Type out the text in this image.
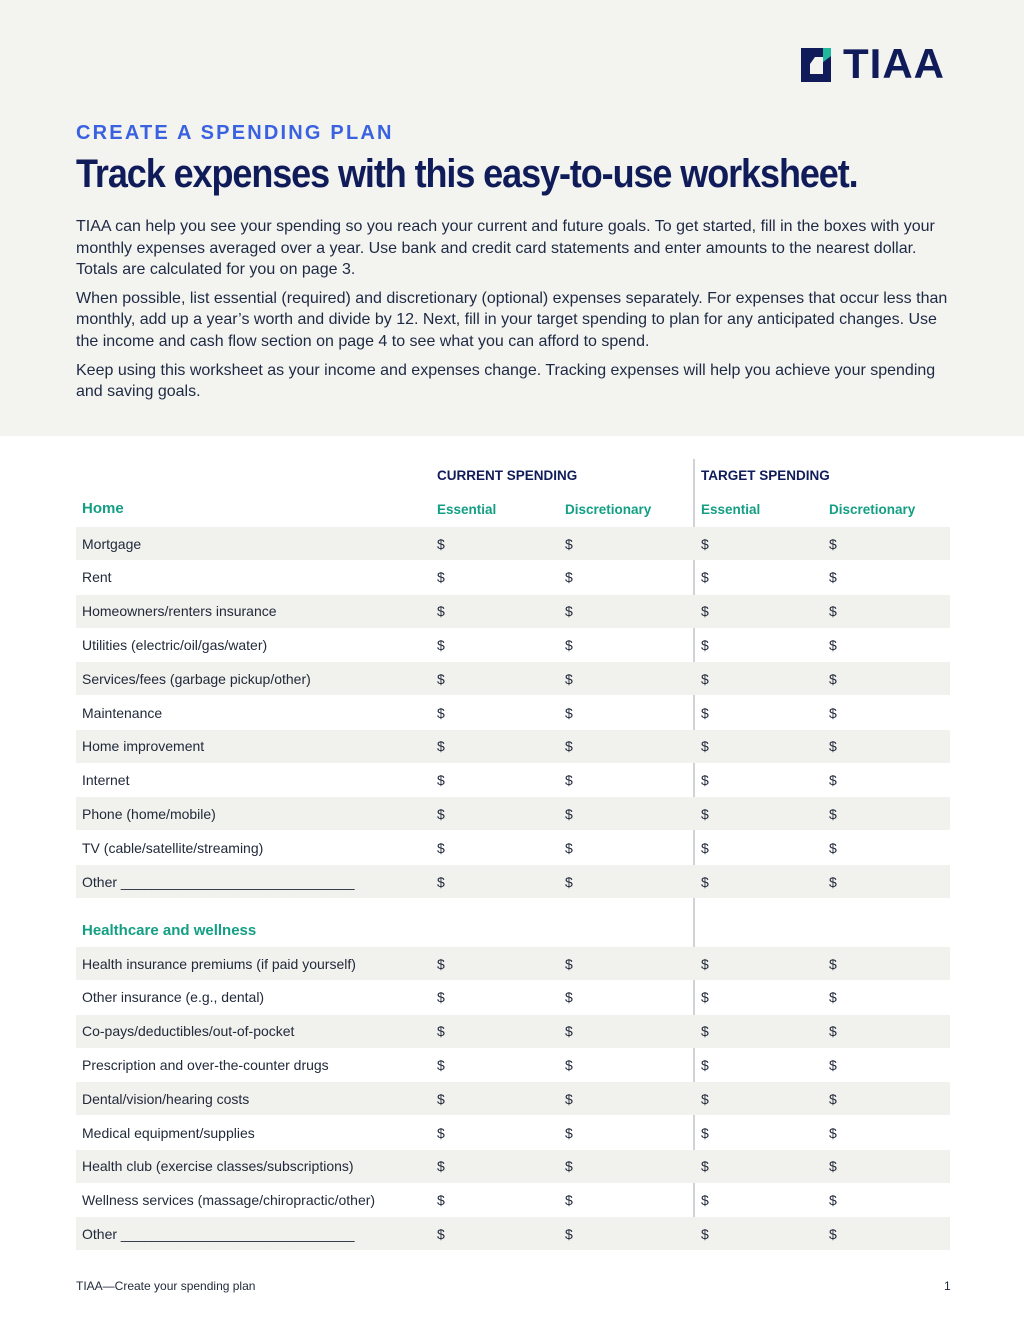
TIAA
CREATE A SPENDING PLAN
Track expenses with this easy-to-use worksheet.

TIAA can help you see your spending so you reach your current and future goals. To get started, fill in the boxes with your monthly expenses averaged over a year. Use bank and credit card statements and enter amounts to the nearest dollar. Totals are calculated for you on page 3.

When possible, list essential (required) and discretionary (optional) expenses separately. For expenses that occur less than monthly, add up a year’s worth and divide by 12. Next, fill in your target spending to plan for any anticipated changes. Use the income and cash flow section on page 4 to see what you can afford to spend.

Keep using this worksheet as your income and expenses change. Tracking expenses will help you achieve your spending and saving goals.

CURRENT SPENDING	TARGET SPENDING
Home	Essential	Discretionary	Essential	Discretionary
Mortgage	$	$	$	$
Rent	$	$	$	$
Homeowners/renters insurance	$	$	$	$
Utilities (electric/oil/gas/water)	$	$	$	$
Services/fees (garbage pickup/other)	$	$	$	$
Maintenance	$	$	$	$
Home improvement	$	$	$	$
Internet	$	$	$	$
Phone (home/mobile)	$	$	$	$
TV (cable/satellite/streaming)	$	$	$	$
Other ______________________________	$	$	$	$
Healthcare and wellness
Health insurance premiums (if paid yourself)	$	$	$	$
Other insurance (e.g., dental)	$	$	$	$
Co-pays/deductibles/out-of-pocket	$	$	$	$
Prescription and over-the-counter drugs	$	$	$	$
Dental/vision/hearing costs	$	$	$	$
Medical equipment/supplies	$	$	$	$
Health club (exercise classes/subscriptions)	$	$	$	$
Wellness services (massage/chiropractic/other)	$	$	$	$
Other ______________________________	$	$	$	$
TIAA—Create your spending plan	1
